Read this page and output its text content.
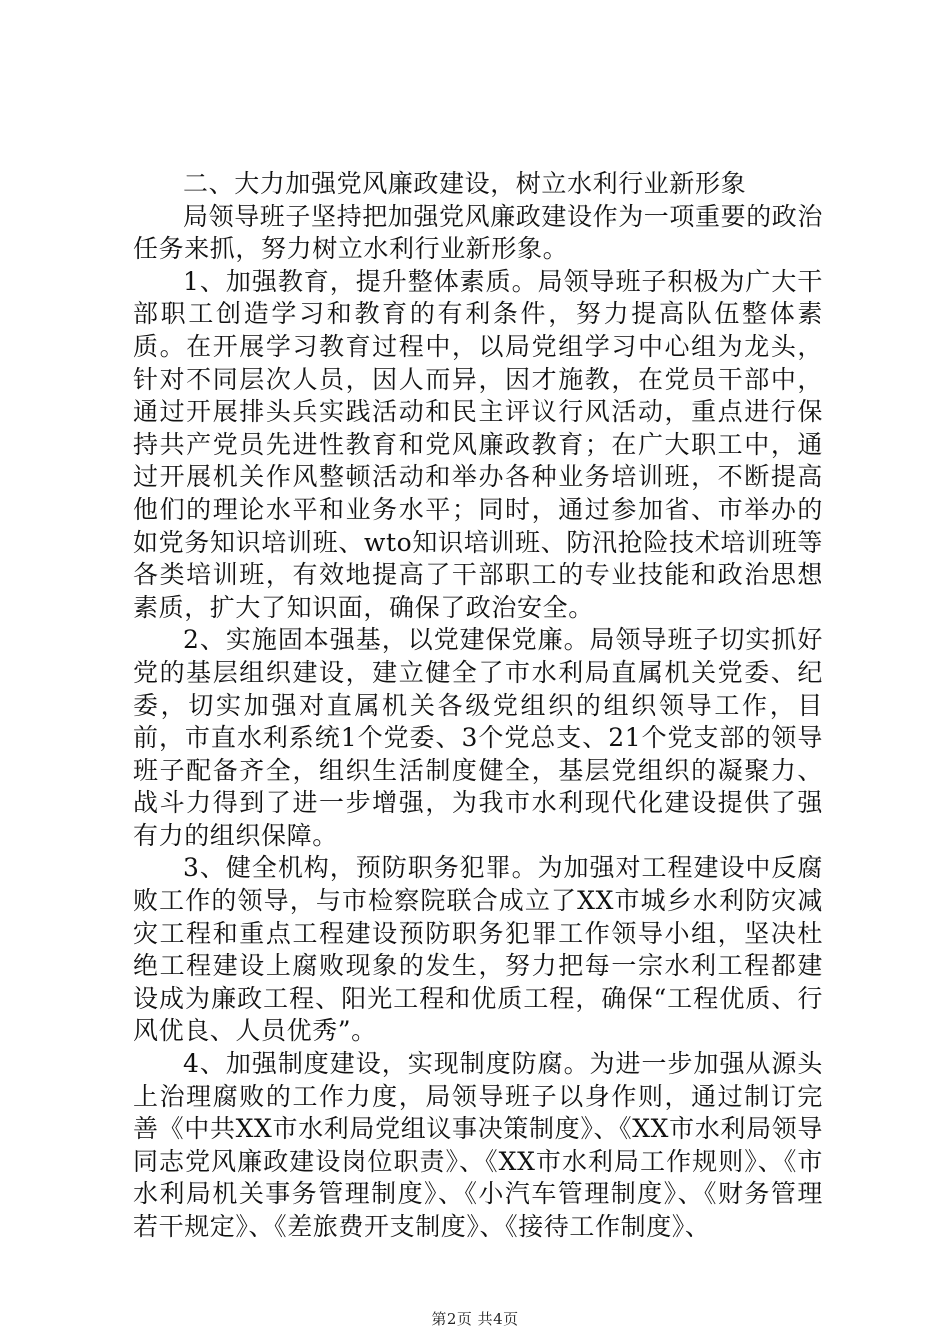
二、大力加强党风廉政建设，树立水利行业新形象

局领导班子坚持把加强党风廉政建设作为一项重要的政治任务来抓，努力树立水利行业新形象。

1、加强教育，提升整体素质。局领导班子积极为广大干部职工创造学习和教育的有利条件，努力提高队伍整体素质。在开展学习教育过程中，以局党组学习中心组为龙头，针对不同层次人员，因人而异，因才施教，在党员干部中，通过开展排头兵实践活动和民主评议行风活动，重点进行保持共产党员先进性教育和党风廉政教育；在广大职工中，通过开展机关作风整顿活动和举办各种业务培训班，不断提高他们的理论水平和业务水平；同时，通过参加省、市举办的如党务知识培训班、wto知识培训班、防汛抢险技术培训班等各类培训班，有效地提高了干部职工的专业技能和政治思想素质，扩大了知识面，确保了政治安全。

2、实施固本强基，以党建保党廉。局领导班子切实抓好党的基层组织建设，建立健全了市水利局直属机关党委、纪委，切实加强对直属机关各级党组织的组织领导工作，目前，市直水利系统1个党委、3个党总支、21个党支部的领导班子配备齐全，组织生活制度健全，基层党组织的凝聚力、战斗力得到了进一步增强，为我市水利现代化建设提供了强有力的组织保障。

3、健全机构，预防职务犯罪。为加强对工程建设中反腐败工作的领导，与市检察院联合成立了XX市城乡水利防灾减灾工程和重点工程建设预防职务犯罪工作领导小组，坚决杜绝工程建设上腐败现象的发生，努力把每一宗水利工程都建设成为廉政工程、阳光工程和优质工程，确保“工程优质、行风优良、人员优秀”。

4、加强制度建设，实现制度防腐。为进一步加强从源头上治理腐败的工作力度，局领导班子以身作则，通过制订完善《中共XX市水利局党组议事决策制度》、《XX市水利局领导同志党风廉政建设岗位职责》、《XX市水利局工作规则》、《市水利局机关事务管理制度》、《小汽车管理制度》、《财务管理若干规定》、《差旅费开支制度》、《接待工作制度》、

第2页 共4页
